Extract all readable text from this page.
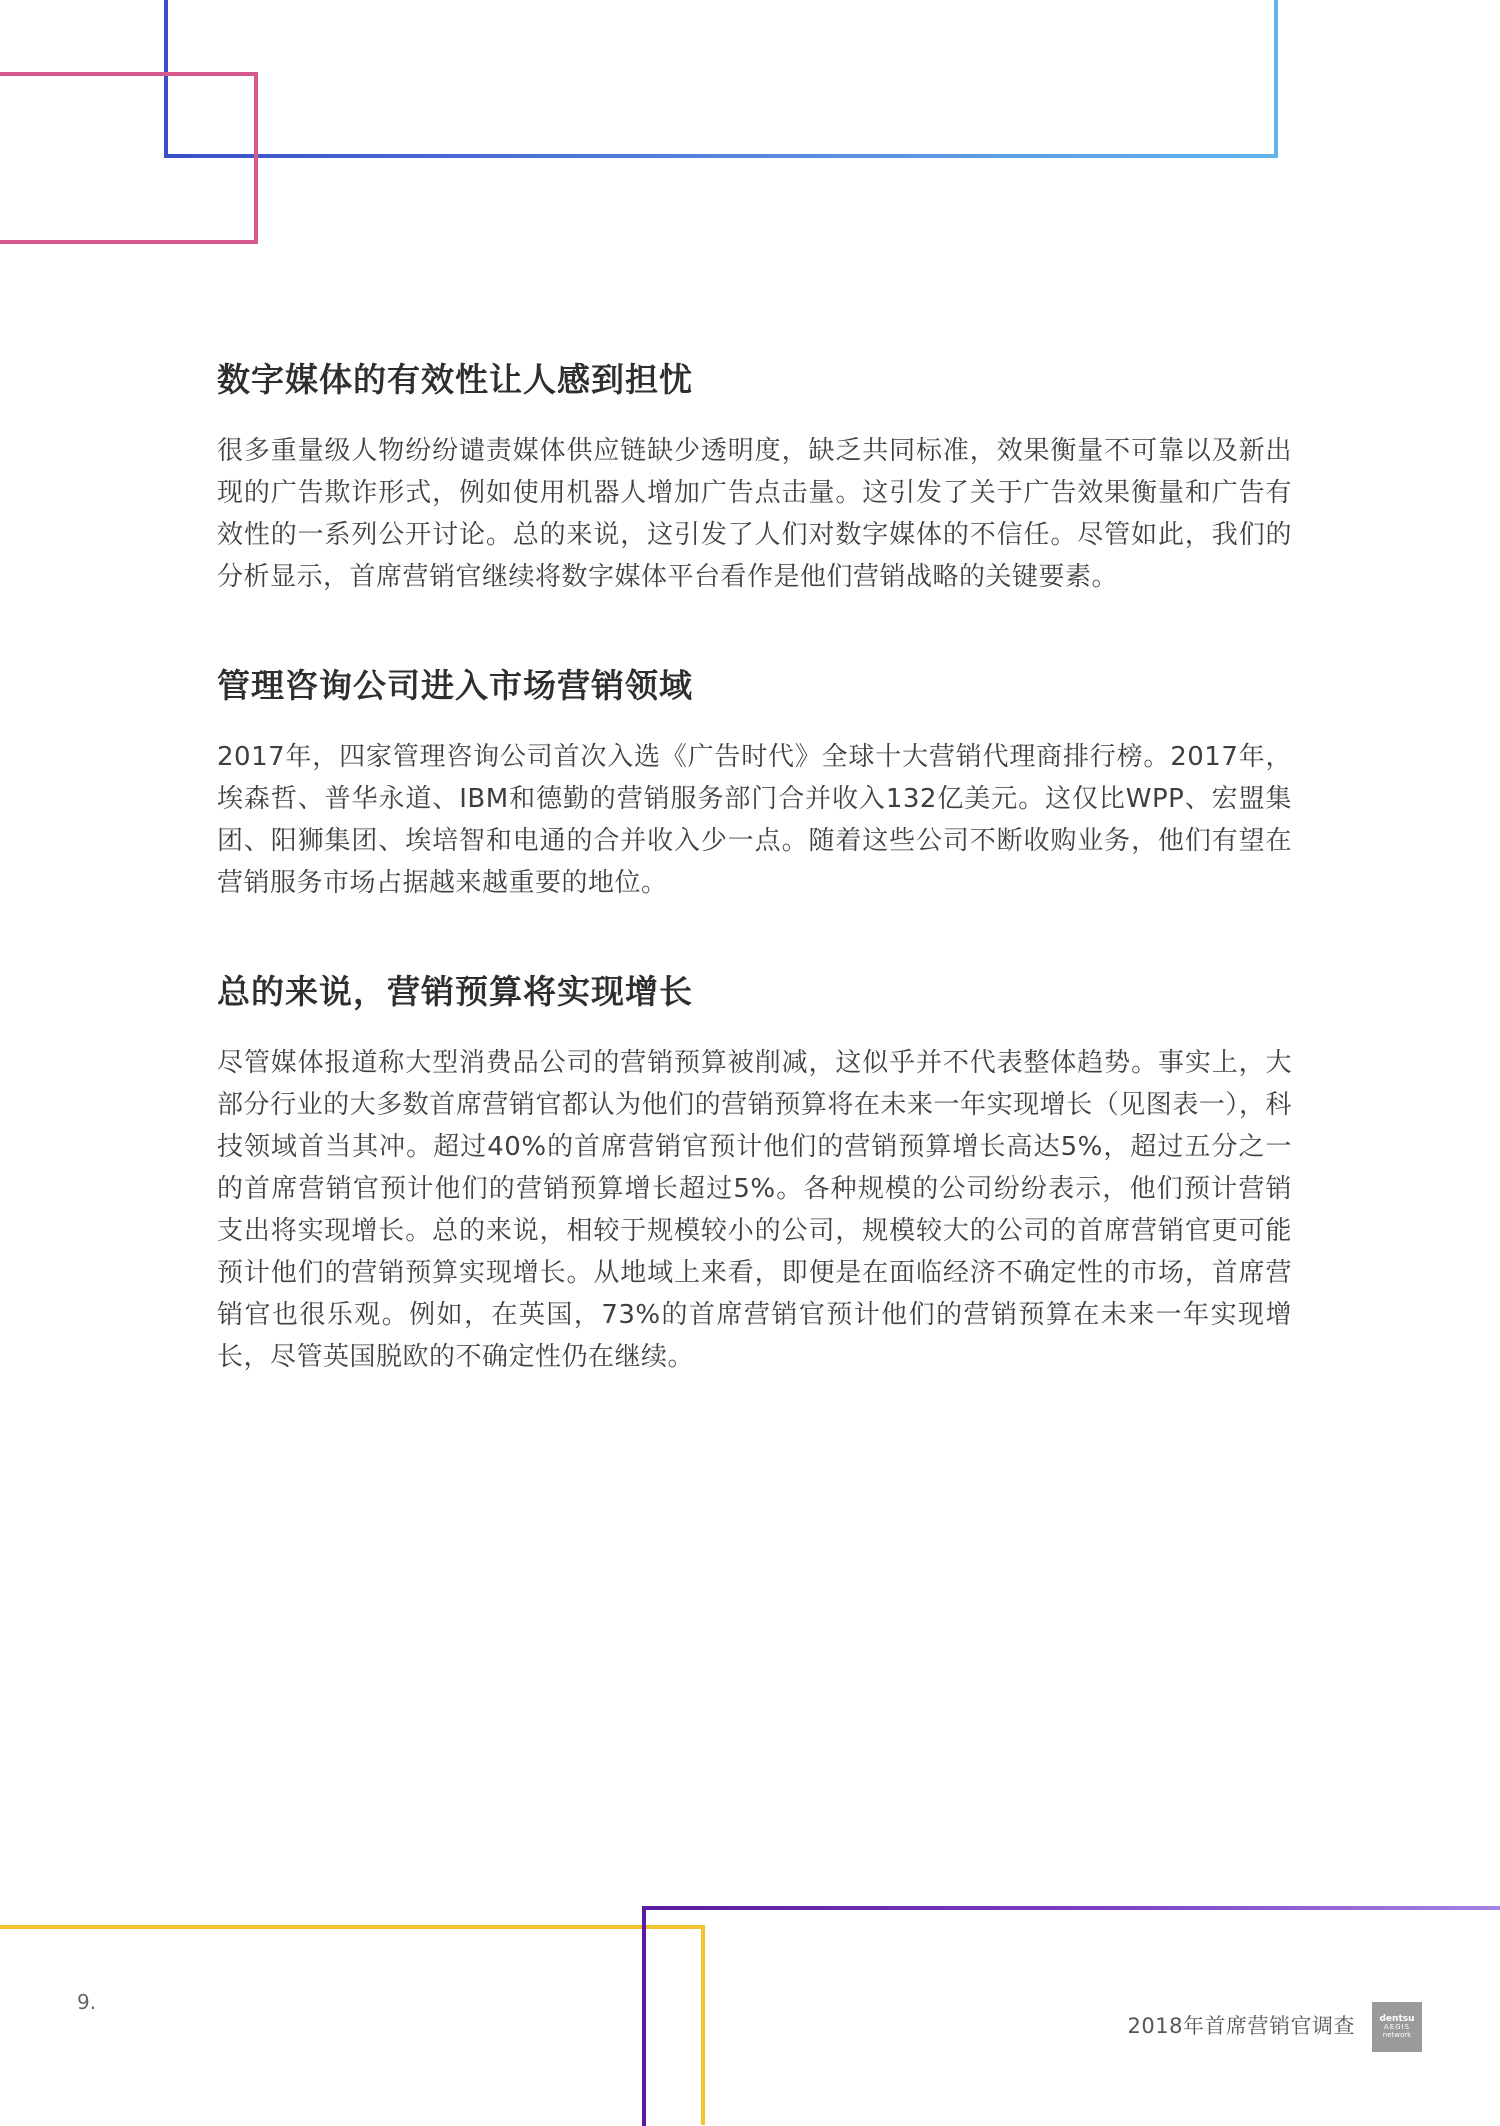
数字媒体的有效性让人感到担忧

很多重量级人物纷纷谴责媒体供应链缺少透明度，缺乏共同标准，效果衡量不可靠以及新出现的广告欺诈形式，例如使用机器人增加广告点击量。这引发了关于广告效果衡量和广告有效性的一系列公开讨论。总的来说，这引发了人们对数字媒体的不信任。尽管如此，我们的分析显示，首席营销官继续将数字媒体平台看作是他们营销战略的关键要素。

管理咨询公司进入市场营销领域

2017年，四家管理咨询公司首次入选《广告时代》全球十大营销代理商排行榜。2017年，埃森哲、普华永道、IBM和德勤的营销服务部门合并收入132亿美元。这仅比WPP、宏盟集团、阳狮集团、埃培智和电通的合并收入少一点。随着这些公司不断收购业务，他们有望在营销服务市场占据越来越重要的地位。

总的来说，营销预算将实现增长

尽管媒体报道称大型消费品公司的营销预算被削减，这似乎并不代表整体趋势。事实上，大部分行业的大多数首席营销官都认为他们的营销预算将在未来一年实现增长（见图表一），科技领域首当其冲。超过40%的首席营销官预计他们的营销预算增长高达5%，超过五分之一的首席营销官预计他们的营销预算增长超过5%。各种规模的公司纷纷表示，他们预计营销支出将实现增长。总的来说，相较于规模较小的公司，规模较大的公司的首席营销官更可能预计他们的营销预算实现增长。从地域上来看，即便是在面临经济不确定性的市场，首席营销官也很乐观。例如，在英国，73%的首席营销官预计他们的营销预算在未来一年实现增长，尽管英国脱欧的不确定性仍在继续。

9.
2018年首席营销官调查	dentsu
AEGIS
network
